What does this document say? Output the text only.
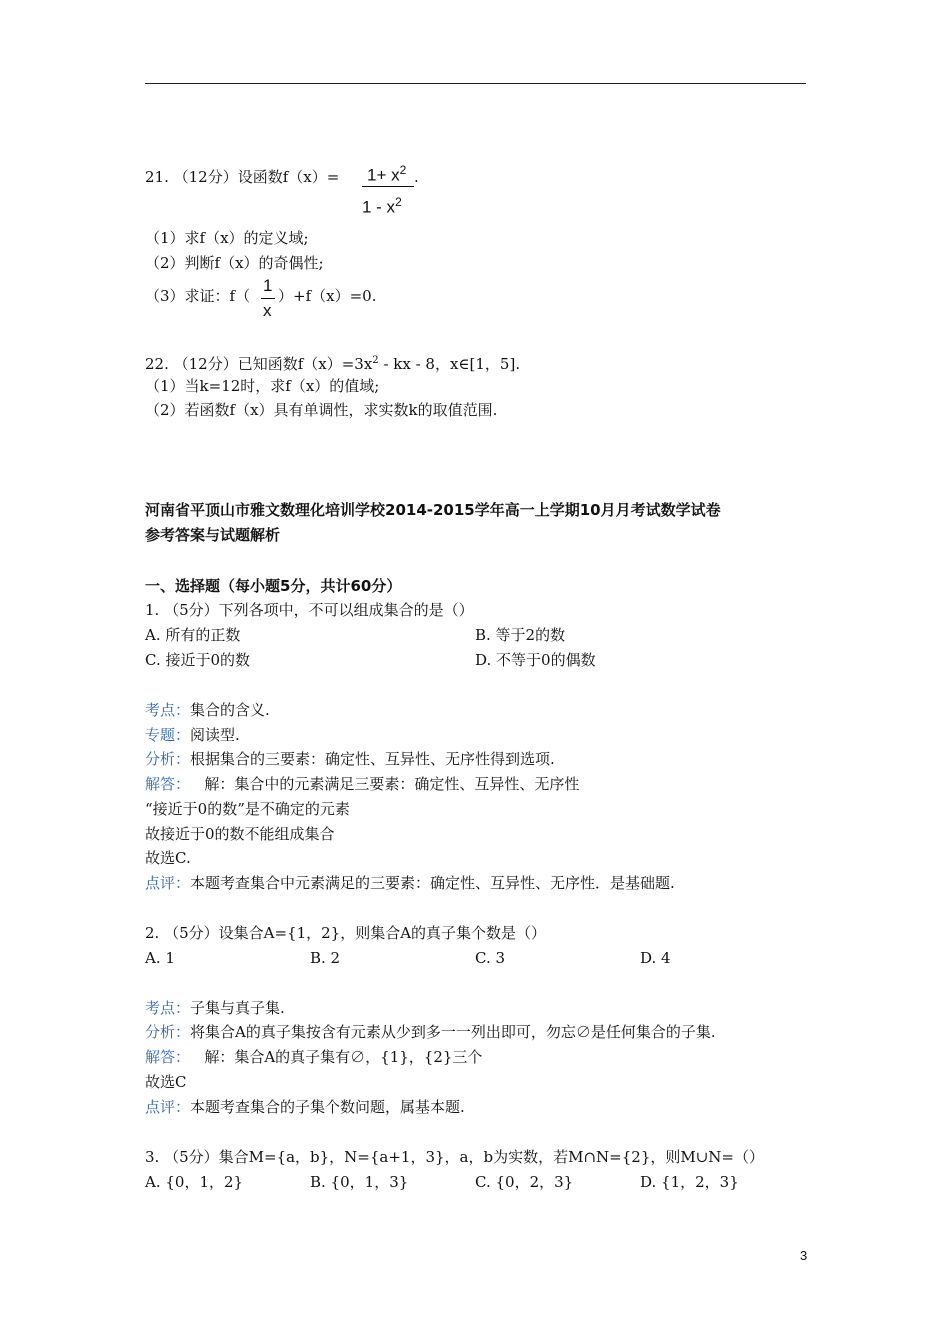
21. （12分）设函数$f(x)= 1+ x^2$
$1 - x^2$
.
（1）求f（x）的定义域;
（2）判断f（x）的奇偶性;
（3）求证：f（
1
x
）+f（x）=0.
22. （12分）已知函数$f(x)=3x^2$ - kx - 8，x∈[1，5].
（1）当k=12时，求f（x）的值域;
（2）若函数f（x）具有单调性，求实数k的取值范围.
河南省平顶山市雅文数理化培训学校2014-2015学年高一上学期10月月考试数学试卷
参考答案与试题解析
一、选择题（每小题5分，共计60分）
1. （5分）下列各项中，不可以组成集合的是（）
A. 所有的正数	B. 等于2的数
C. 接近于0的数	D. 不等于0的偶数
考点：集合的含义.
专题：阅读型.
分析：根据集合的三要素：确定性、互异性、无序性得到选项.
解答：   解：集合中的元素满足三要素：确定性、互异性、无序性
“接近于0的数”是不确定的元素
故接近于0的数不能组成集合
故选C.
点评：本题考查集合中元素满足的三要素：确定性、互异性、无序性．是基础题.
2. （5分）设集合A={1，2}，则集合A的真子集个数是（）
A. 1	B. 2	C. 3	D. 4
考点：子集与真子集.
分析：将集合A的真子集按含有元素从少到多一一列出即可，勿忘∅是任何集合的子集.
解答：   解：集合A的真子集有∅，{1}，{2}三个
故选C
点评：本题考查集合的子集个数问题，属基本题.
3. （5分）集合M={a，b}，N={a+1，3}，a，b为实数，若M∩N={2}，则M∪N=（）
A. {0，1，2}	B. {0，1，3}	C. {0，2，3}	D. {1，2，3}
3
